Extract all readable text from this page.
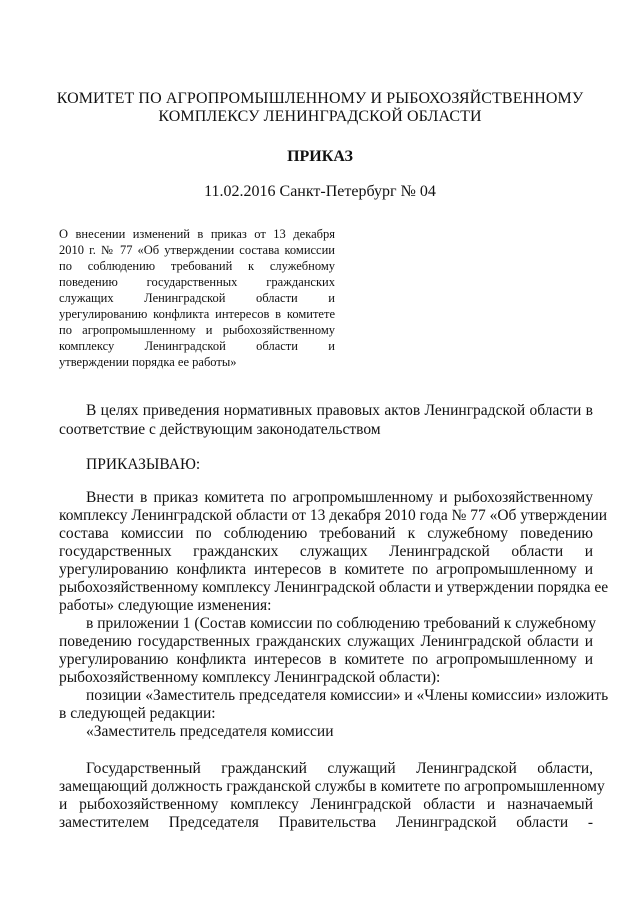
КОМИТЕТ ПО АГРОПРОМЫШЛЕННОМУ И РЫБОХОЗЯЙСТВЕННОМУ
КОМПЛЕКСУ ЛЕНИНГРАДСКОЙ ОБЛАСТИ
ПРИКАЗ
11.02.2016 Санкт-Петербург № 04
О внесении изменений в приказ от 13 декабря
2010 г. № 77 «Об утверждении состава комиссии
по соблюдению требований к служебному
поведению государственных гражданских
служащих Ленинградской области и
урегулированию конфликта интересов в комитете
по агропромышленному и рыбохозяйственному
комплексу Ленинградской области и
утверждении порядка ее работы»
В целях приведения нормативных правовых актов Ленинградской области в
соответствие с действующим законодательством
ПРИКАЗЫВАЮ:
Внести в приказ комитета по агропромышленному и рыбохозяйственному
комплексу Ленинградской области от 13 декабря 2010 года № 77 «Об утверждении
состава комиссии по соблюдению требований к служебному поведению
государственных гражданских служащих Ленинградской области и
урегулированию конфликта интересов в комитете по агропромышленному и
рыбохозяйственному комплексу Ленинградской области и утверждении порядка ее
работы» следующие изменения:
в приложении 1 (Состав комиссии по соблюдению требований к служебному
поведению государственных гражданских служащих Ленинградской области и
урегулированию конфликта интересов в комитете по агропромышленному и
рыбохозяйственному комплексу Ленинградской области):
позиции «Заместитель председателя комиссии» и «Члены комиссии» изложить
в следующей редакции:
«Заместитель председателя комиссии
Государственный гражданский служащий Ленинградской области,
замещающий должность гражданской службы в комитете по агропромышленному
и рыбохозяйственному комплексу Ленинградской области и назначаемый
заместителем Председателя Правительства Ленинградской области -
